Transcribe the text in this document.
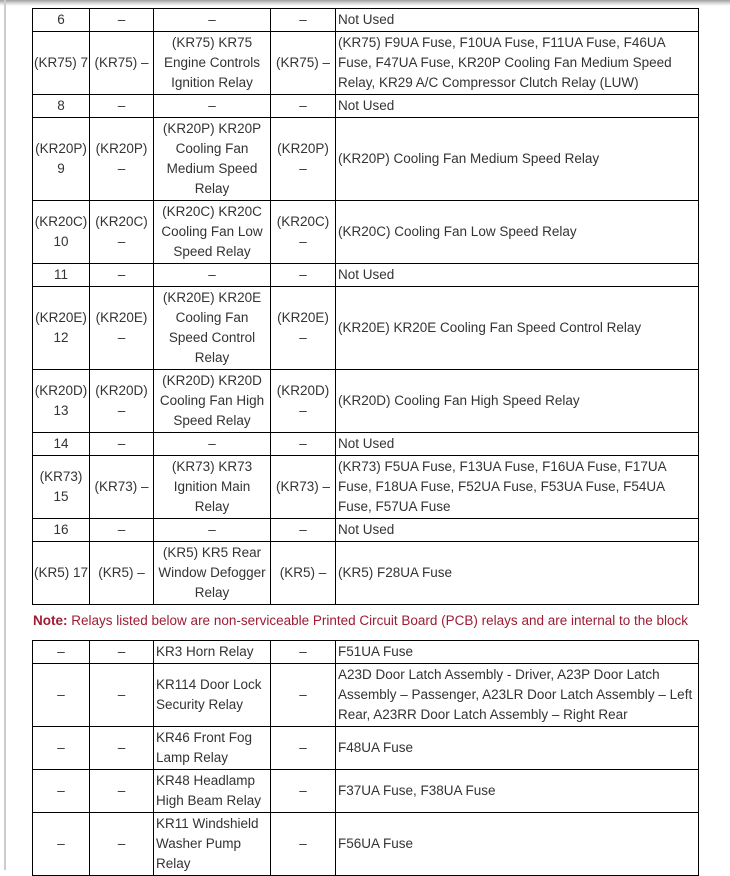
6	–	–	–	Not Used
(KR75) 7	(KR75) –	(KR75) KR75 Engine Controls Ignition Relay	(KR75) –	(KR75) F9UA Fuse, F10UA Fuse, F11UA Fuse, F46UA Fuse, F47UA Fuse, KR20P Cooling Fan Medium Speed Relay, KR29 A/C Compressor Clutch Relay (LUW)
8	–	–	–	Not Used
(KR20P) 9	(KR20P) –	(KR20P) KR20P Cooling Fan Medium Speed Relay	(KR20P) –	(KR20P) Cooling Fan Medium Speed Relay
(KR20C) 10	(KR20C) –	(KR20C) KR20C Cooling Fan Low Speed Relay	(KR20C) –	(KR20C) Cooling Fan Low Speed Relay
11	–	–	–	Not Used
(KR20E) 12	(KR20E) –	(KR20E) KR20E Cooling Fan Speed Control Relay	(KR20E) –	(KR20E) KR20E Cooling Fan Speed Control Relay
(KR20D) 13	(KR20D) –	(KR20D) KR20D Cooling Fan High Speed Relay	(KR20D) –	(KR20D) Cooling Fan High Speed Relay
14	–	–	–	Not Used
(KR73) 15	(KR73) –	(KR73) KR73 Ignition Main Relay	(KR73) –	(KR73) F5UA Fuse, F13UA Fuse, F16UA Fuse, F17UA Fuse, F18UA Fuse, F52UA Fuse, F53UA Fuse, F54UA Fuse, F57UA Fuse
16	–	–	–	Not Used
(KR5) 17	(KR5) –	(KR5) KR5 Rear Window Defogger Relay	(KR5) –	(KR5) F28UA Fuse

Note: Relays listed below are non-serviceable Printed Circuit Board (PCB) relays and are internal to the block

–	–	KR3 Horn Relay	–	F51UA Fuse
–	–	KR114 Door Lock Security Relay	–	A23D Door Latch Assembly - Driver, A23P Door Latch Assembly – Passenger, A23LR Door Latch Assembly – Left Rear, A23RR Door Latch Assembly – Right Rear
–	–	KR46 Front Fog Lamp Relay	–	F48UA Fuse
–	–	KR48 Headlamp High Beam Relay	–	F37UA Fuse, F38UA Fuse
–	–	KR11 Windshield Washer Pump Relay	–	F56UA Fuse
